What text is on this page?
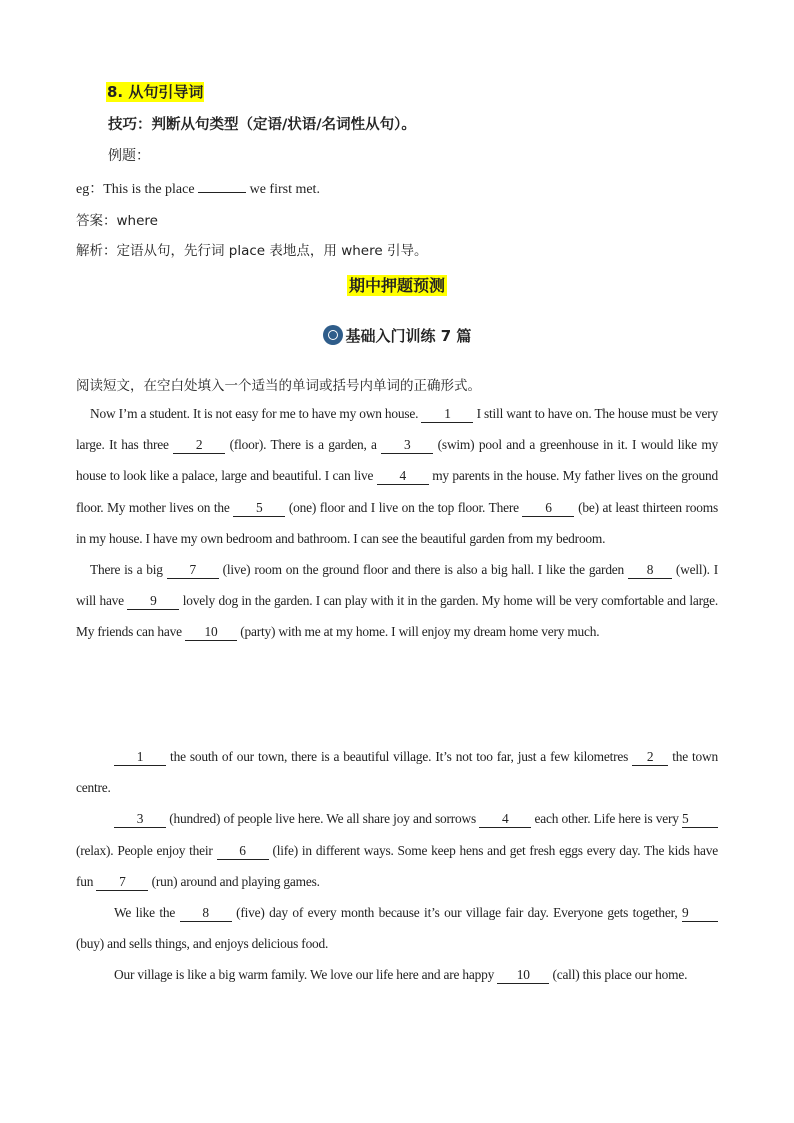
8. 从句引导词
技巧：判断从句类型（定语/状语/名词性从句）。
例题：
eg：This is the place	we first met.
答案：where
解析：定语从句，先行词 place 表地点，用 where 引导。
期中押题预测
基础入门训练 7 篇
阅读短文，在空白处填入一个适当的单词或括号内单词的正确形式。

Now I’m a student. It is not easy for me to have my own house. 1 I still want to have on. The house must be very large. It has three 2 (floor). There is a garden, a 3 (swim) pool and a greenhouse in it. I would like my house to look like a palace, large and beautiful. I can live 4 my parents in the house. My father lives on the ground floor. My mother lives on the 5 (one) floor and I live on the top floor. There 6 (be) at least thirteen rooms in my house. I have my own bedroom and bathroom. I can see the beautiful garden from my bedroom.

There is a big 7 (live) room on the ground floor and there is also a big hall. I like the garden 8 (well). I will have 9 lovely dog in the garden. I can play with it in the garden. My home will be very comfortable and large. My friends can have 10 (party) with me at my home. I will enjoy my dream home very much.

1 the south of our town, there is a beautiful village. It’s not too far, just a few kilometres 2 the town centre.

3 (hundred) of people live here. We all share joy and sorrows 4 each other. Life here is very 5 (relax). People enjoy their 6 (life) in different ways. Some keep hens and get fresh eggs every day. The kids have fun 7 (run) around and playing games.

We like the 8 (five) day of every month because it’s our village fair day. Everyone gets together, 9 (buy) and sells things, and enjoys delicious food.

Our village is like a big warm family. We love our life here and are happy 10 (call) this place our home.
